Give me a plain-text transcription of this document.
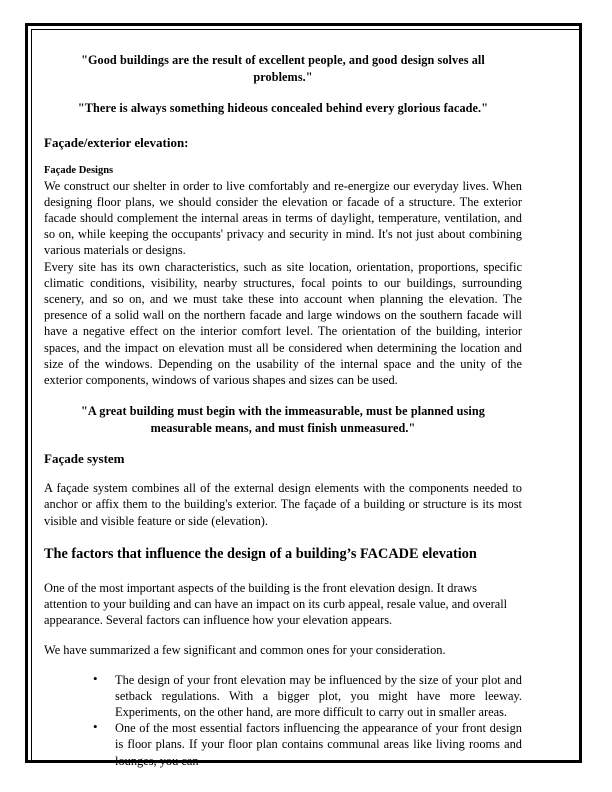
"Good buildings are the result of excellent people, and good design solves all problems."
"There is always something hideous concealed behind every glorious facade."
Façade/exterior elevation:
Façade Designs

We construct our shelter in order to live comfortably and re-energize our everyday lives. When designing floor plans, we should consider the elevation or facade of a structure. The exterior facade should complement the internal areas in terms of daylight, temperature, ventilation, and so on, while keeping the occupants' privacy and security in mind. It's not just about combining various materials or designs.

Every site has its own characteristics, such as site location, orientation, proportions, specific climatic conditions, visibility, nearby structures, focal points to our buildings, surrounding scenery, and so on, and we must take these into account when planning the elevation. The presence of a solid wall on the northern facade and large windows on the southern facade will have a negative effect on the interior comfort level. The orientation of the building, interior spaces, and the impact on elevation must all be considered when determining the location and size of the windows. Depending on the usability of the internal space and the unity of the exterior components, windows of various shapes and sizes can be used.

"A great building must begin with the immeasurable, must be planned using measurable means, and must finish unmeasured."
Façade system

A façade system combines all of the external design elements with the components needed to anchor or affix them to the building's exterior. The façade of a building or structure is its most visible and visible feature or side (elevation).

The factors that influence the design of a building’s FACADE elevation

One of the most important aspects of the building is the front elevation design. It draws attention to your building and can have an impact on its curb appeal, resale value, and overall appearance. Several factors can influence how your elevation appears.

We have summarized a few significant and common ones for your consideration.

• The design of your front elevation may be influenced by the size of your plot and setback regulations. With a bigger plot, you might have more leeway. Experiments, on the other hand, are more difficult to carry out in smaller areas.
• One of the most essential factors influencing the appearance of your front design is floor plans. If your floor plan contains communal areas like living rooms and lounges, you can
